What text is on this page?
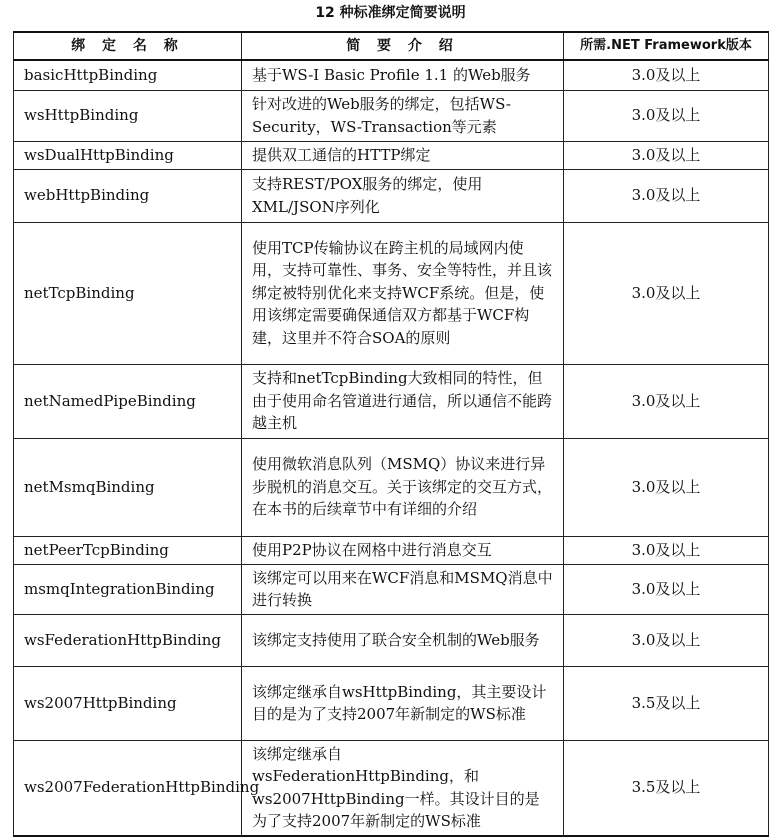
12 种标准绑定简要说明
绑 定 名 称	简 要 介 绍	所需.NET Framework版本
basicHttpBinding	基于WS-I Basic Profile 1.1 的Web服务	3.0及以上
wsHttpBinding	针对改进的Web服务的绑定，包括WS-Security，WS-Transaction等元素	3.0及以上
wsDualHttpBinding	提供双工通信的HTTP绑定	3.0及以上
webHttpBinding	支持REST/POX服务的绑定，使用XML/JSON序列化	3.0及以上
netTcpBinding	使用TCP传输协议在跨主机的局域网内使用，支持可靠性、事务、安全等特性，并且该绑定被特别优化来支持WCF系统。但是，使用该绑定需要确保通信双方都基于WCF构建，这里并不符合SOA的原则	3.0及以上
netNamedPipeBinding	支持和netTcpBinding大致相同的特性，但由于使用命名管道进行通信，所以通信不能跨越主机	3.0及以上
netMsmqBinding	使用微软消息队列（MSMQ）协议来进行异步脱机的消息交互。关于该绑定的交互方式，在本书的后续章节中有详细的介绍	3.0及以上
netPeerTcpBinding	使用P2P协议在网格中进行消息交互	3.0及以上
msmqIntegrationBinding	该绑定可以用来在WCF消息和MSMQ消息中进行转换	3.0及以上
wsFederationHttpBinding	该绑定支持使用了联合安全机制的Web服务	3.0及以上
ws2007HttpBinding	该绑定继承自wsHttpBinding，其主要设计目的是为了支持2007年新制定的WS标准	3.5及以上
ws2007FederationHttpBinding	该绑定继承自wsFederationHttpBinding，和ws2007HttpBinding一样。其设计目的是为了支持2007年新制定的WS标准	3.5及以上
